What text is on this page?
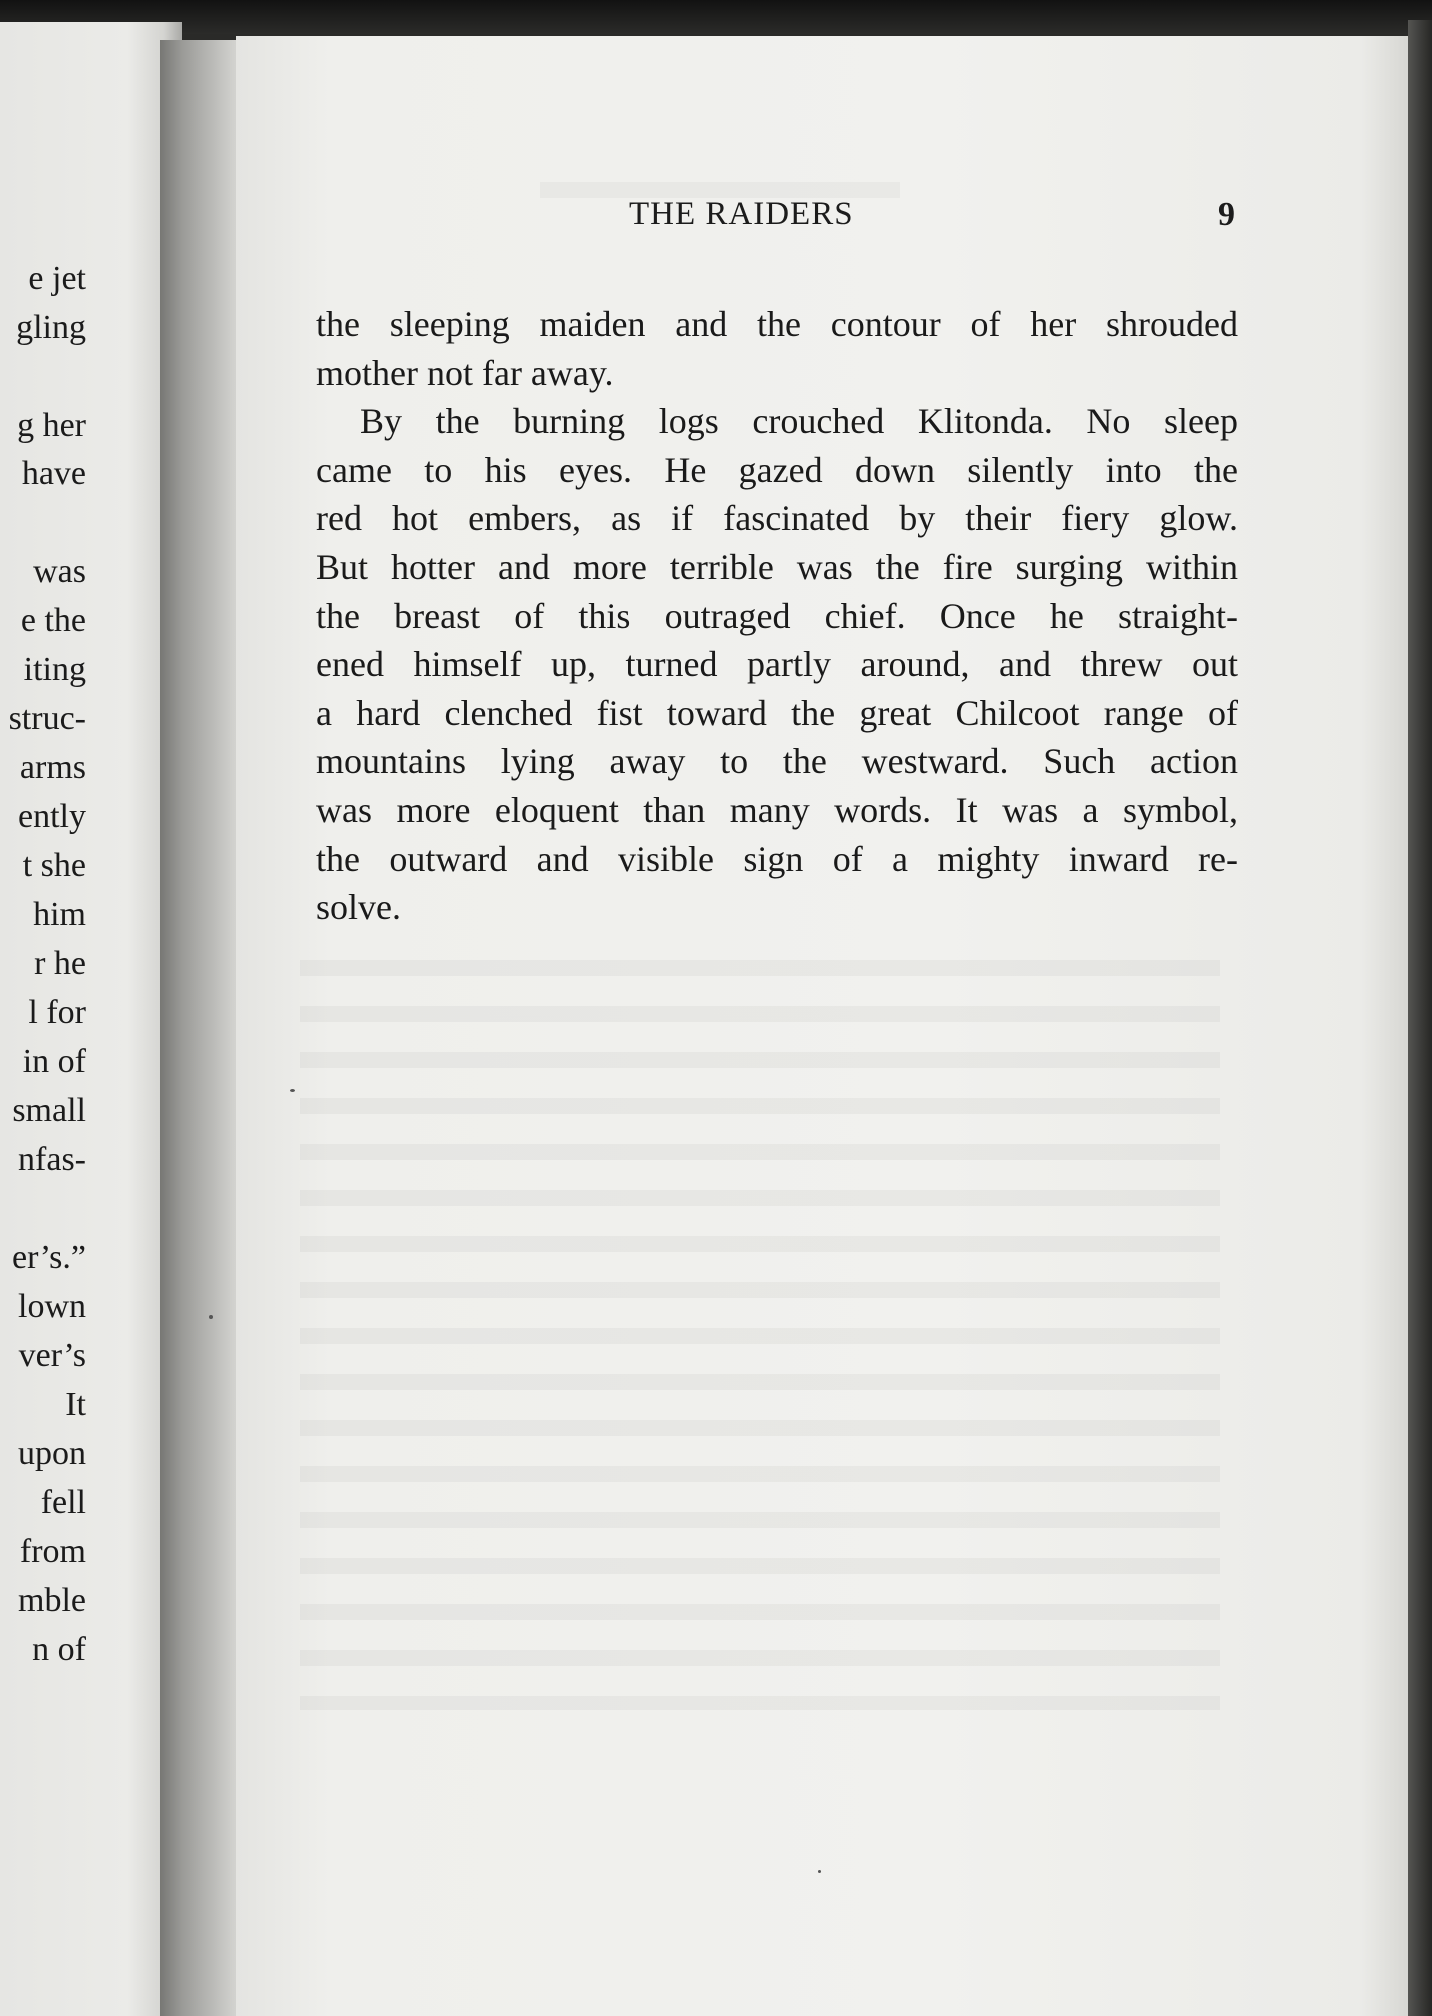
e jet
gling
g her
have
was
e the
iting
struc-
arms
ently
t she
him
r he
l for
in of
small
nfas-
er’s.”
lown
ver’s
It
upon
fell
from
mble
n of
THE RAIDERS	9
the sleeping maiden and the contour of her shrouded
mother not far away.
By the burning logs crouched Klitonda. No sleep
came to his eyes. He gazed down silently into the
red hot embers, as if fascinated by their fiery glow.
But hotter and more terrible was the fire surging within
the breast of this outraged chief. Once he straight-
ened himself up, turned partly around, and threw out
a hard clenched fist toward the great Chilcoot range of
mountains lying away to the westward. Such action
was more eloquent than many words. It was a symbol,
the outward and visible sign of a mighty inward re-
solve.
